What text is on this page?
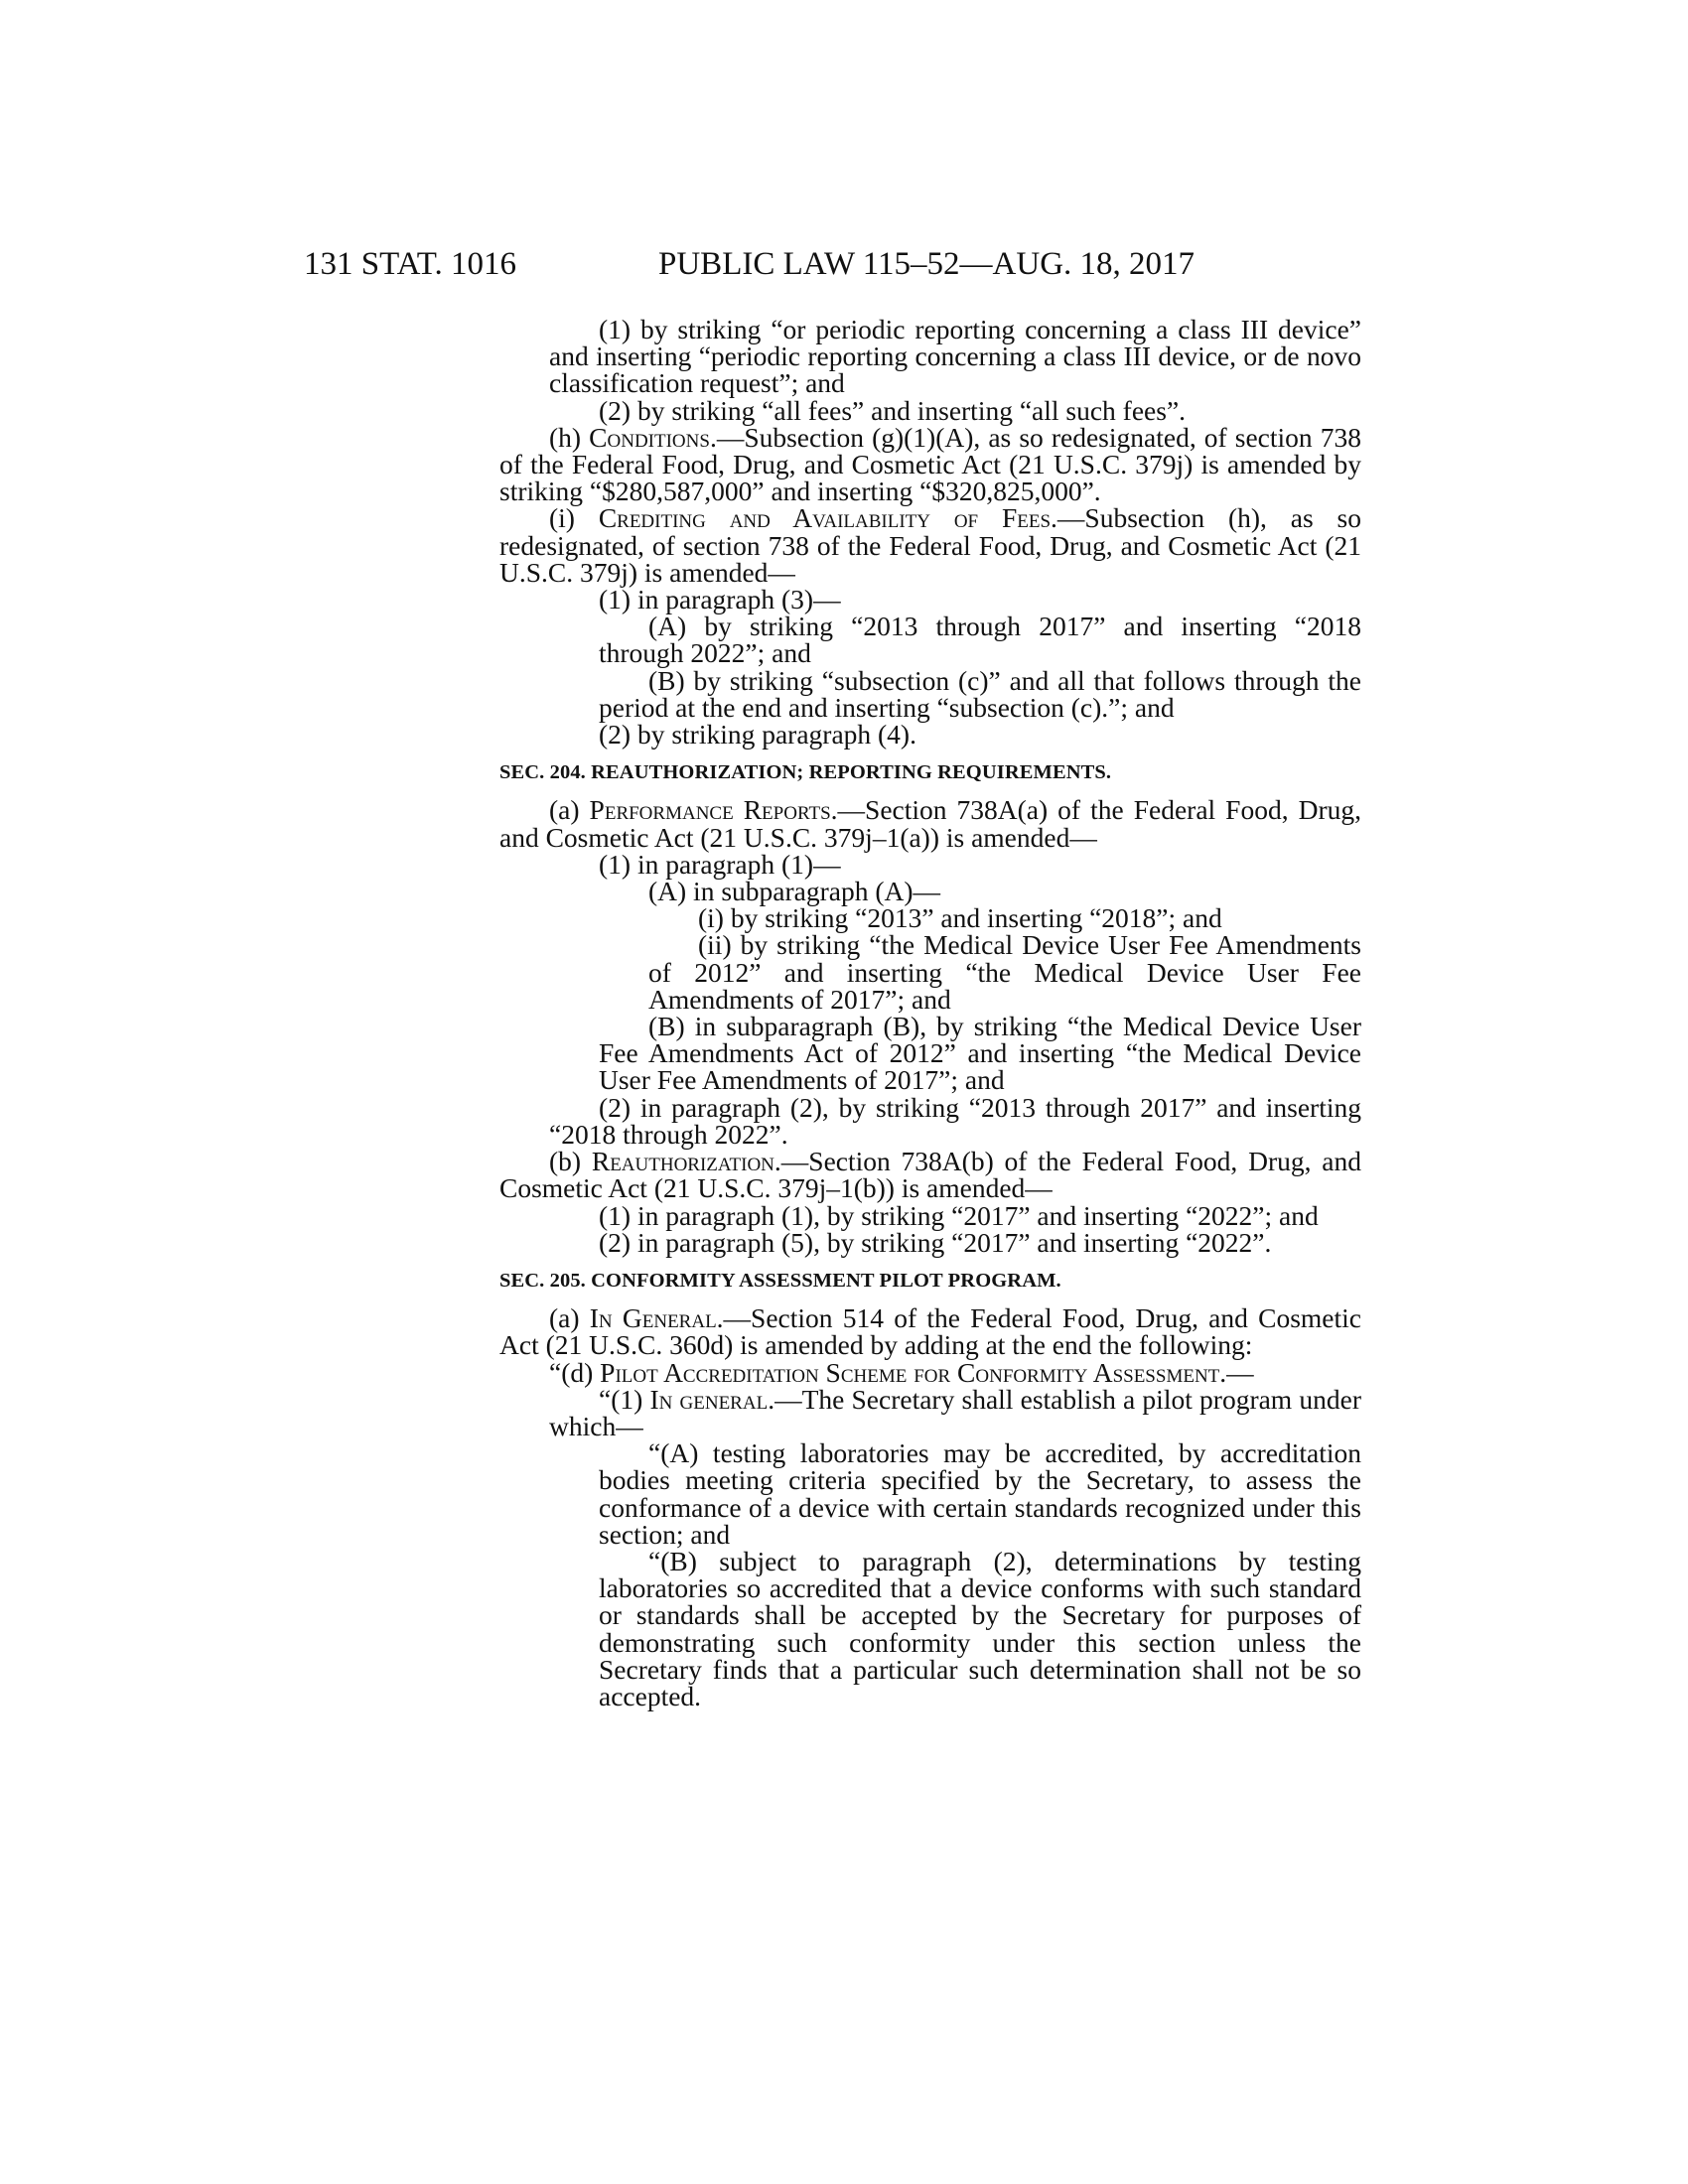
131 STAT. 1016	PUBLIC LAW 115–52—AUG. 18, 2017

(1) by striking “or periodic reporting concerning a class III device” and inserting “periodic reporting concerning a class III device, or de novo classification request”; and

(2) by striking “all fees” and inserting “all such fees”.

(h) Conditions.—Subsection (g)(1)(A), as so redesignated, of section 738 of the Federal Food, Drug, and Cosmetic Act (21 U.S.C. 379j) is amended by striking “$280,587,000” and inserting “$320,825,000”.

(i) Crediting and Availability of Fees.—Subsection (h), as so redesignated, of section 738 of the Federal Food, Drug, and Cosmetic Act (21 U.S.C. 379j) is amended—

(1) in paragraph (3)—

(A) by striking “2013 through 2017” and inserting “2018 through 2022”; and

(B) by striking “subsection (c)” and all that follows through the period at the end and inserting “subsection (c).”; and

(2) by striking paragraph (4).

SEC. 204. REAUTHORIZATION; REPORTING REQUIREMENTS.

(a) Performance Reports.—Section 738A(a) of the Federal Food, Drug, and Cosmetic Act (21 U.S.C. 379j–1(a)) is amended—

(1) in paragraph (1)—

(A) in subparagraph (A)—

(i) by striking “2013” and inserting “2018”; and

(ii) by striking “the Medical Device User Fee Amendments of 2012” and inserting “the Medical Device User Fee Amendments of 2017”; and

(B) in subparagraph (B), by striking “the Medical Device User Fee Amendments Act of 2012” and inserting “the Medical Device User Fee Amendments of 2017”; and

(2) in paragraph (2), by striking “2013 through 2017” and inserting “2018 through 2022”.

(b) Reauthorization.—Section 738A(b) of the Federal Food, Drug, and Cosmetic Act (21 U.S.C. 379j–1(b)) is amended—

(1) in paragraph (1), by striking “2017” and inserting “2022”; and

(2) in paragraph (5), by striking “2017” and inserting “2022”.

SEC. 205. CONFORMITY ASSESSMENT PILOT PROGRAM.

(a) In General.—Section 514 of the Federal Food, Drug, and Cosmetic Act (21 U.S.C. 360d) is amended by adding at the end the following:

“(d) Pilot Accreditation Scheme for Conformity Assessment.—

“(1) In general.—The Secretary shall establish a pilot program under which—

“(A) testing laboratories may be accredited, by accreditation bodies meeting criteria specified by the Secretary, to assess the conformance of a device with certain standards recognized under this section; and

“(B) subject to paragraph (2), determinations by testing laboratories so accredited that a device conforms with such standard or standards shall be accepted by the Secretary for purposes of demonstrating such conformity under this section unless the Secretary finds that a particular such determination shall not be so accepted.
